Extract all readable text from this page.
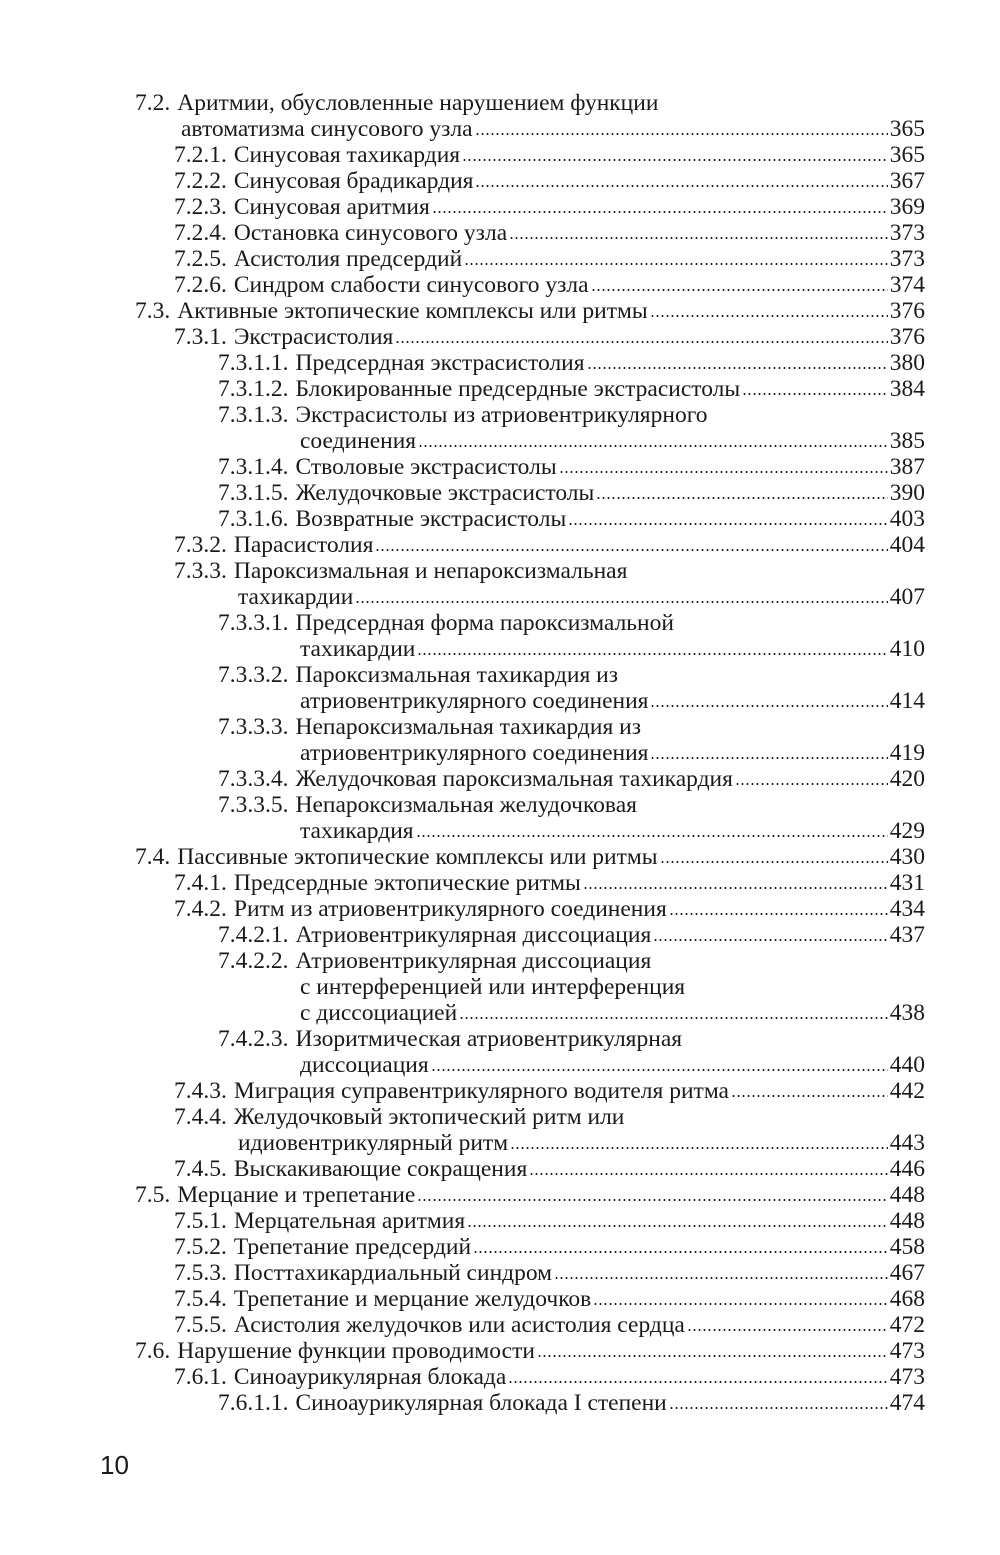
7.2. Аритмии, обусловленные нарушением функции
автоматизма синусового узла	365
7.2.1. Синусовая тахикардия	365
7.2.2. Синусовая брадикардия	367
7.2.3. Синусовая аритмия	369
7.2.4. Остановка синусового узла	373
7.2.5. Асистолия предсердий	373
7.2.6. Синдром слабости синусового узла	374
7.3. Активные эктопические комплексы или ритмы	376
7.3.1. Экстрасистолия	376
7.3.1.1. Предсердная экстрасистолия	380
7.3.1.2. Блокированные предсердные экстрасистолы	384
7.3.1.3. Экстрасистолы из атриовентрикулярного
соединения	385
7.3.1.4. Стволовые экстрасистолы	387
7.3.1.5. Желудочковые экстрасистолы	390
7.3.1.6. Возвратные экстрасистолы	403
7.3.2. Парасистолия	404
7.3.3. Пароксизмальная и непароксизмальная
тахикардии	407
7.3.3.1. Предсердная форма пароксизмальной
тахикардии	410
7.3.3.2. Пароксизмальная тахикардия из
атриовентрикулярного соединения	414
7.3.3.3. Непароксизмальная тахикардия из
атриовентрикулярного соединения	419
7.3.3.4. Желудочковая пароксизмальная тахикардия	420
7.3.3.5. Непароксизмальная желудочковая
тахикардия	429
7.4. Пассивные эктопические комплексы или ритмы	430
7.4.1. Предсердные эктопические ритмы	431
7.4.2. Ритм из атриовентрикулярного соединения	434
7.4.2.1. Атриовентрикулярная диссоциация	437
7.4.2.2. Атриовентрикулярная диссоциация
с интерференцией или интерференция
с диссоциацией	438
7.4.2.3. Изоритмическая атриовентрикулярная
диссоциация	440
7.4.3. Миграция суправентрикулярного водителя ритма	442
7.4.4. Желудочковый эктопический ритм или
идиовентрикулярный ритм	443
7.4.5. Выскакивающие сокращения	446
7.5. Мерцание и трепетание	448
7.5.1. Мерцательная аритмия	448
7.5.2. Трепетание предсердий	458
7.5.3. Посттахикардиальный синдром	467
7.5.4. Трепетание и мерцание желудочков	468
7.5.5. Асистолия желудочков или асистолия сердца	472
7.6. Нарушение функции проводимости	473
7.6.1. Синоаурикулярная блокада	473
7.6.1.1. Синоаурикулярная блокада I степени	474
10
